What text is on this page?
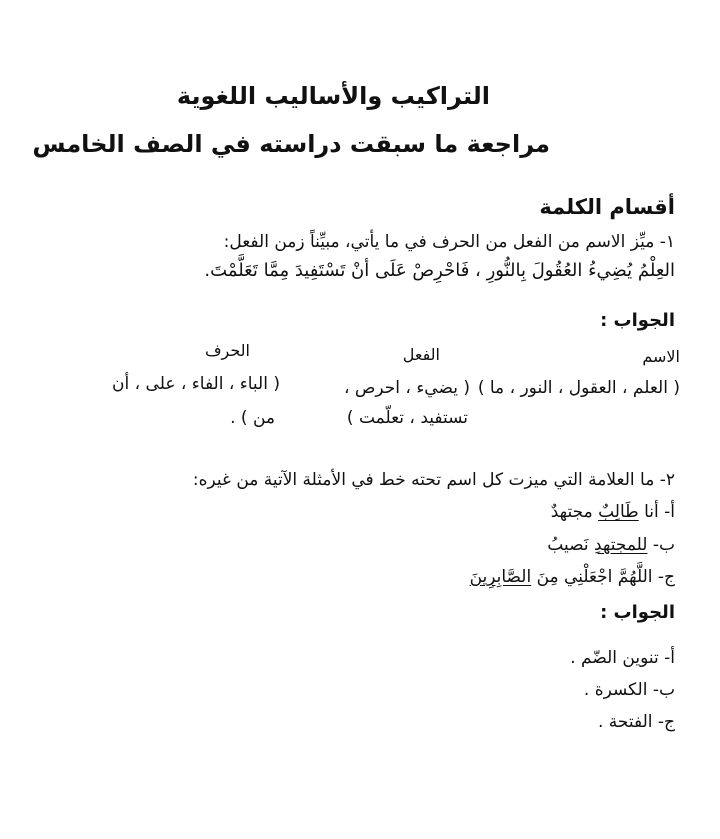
التراكيب والأساليب اللغوية
مراجعة ما سبقت دراسته في الصف الخامس
أقسام الكلمة
١- ميِّز الاسم من الفعل من الحرف في ما يأتي، مبيِّناً زمن الفعل:
العِلْمُ يُضِيءُ العُقُولَ بِالنُّورِ ، فَاحْرِصْ عَلَى أنْ تَسْتَفِيدَ مِمَّا تَعَلَّمْتَ.
الجواب :
الاسم
الفعل
الحرف
( العلم ، العقول ، النور ، ما )
( يضيء ، احرص ،
تستفيد ، تعلّمت )
( الباء ، الفاء ، على ، أن
من ) .
٢- ما العلامة التي ميزت كل اسم تحته خط في الأمثلة الآتية من غيره:
أ- أنا طَالِبٌ مجتهدٌ
ب- للمجتهدِ نَصيبُ
ج- اللَّهُمَّ اجْعَلْنِي مِنَ الصَّابِرِينَ
الجواب :
أ- تنوين الضّم .
ب- الكسرة .
ج- الفتحة .
